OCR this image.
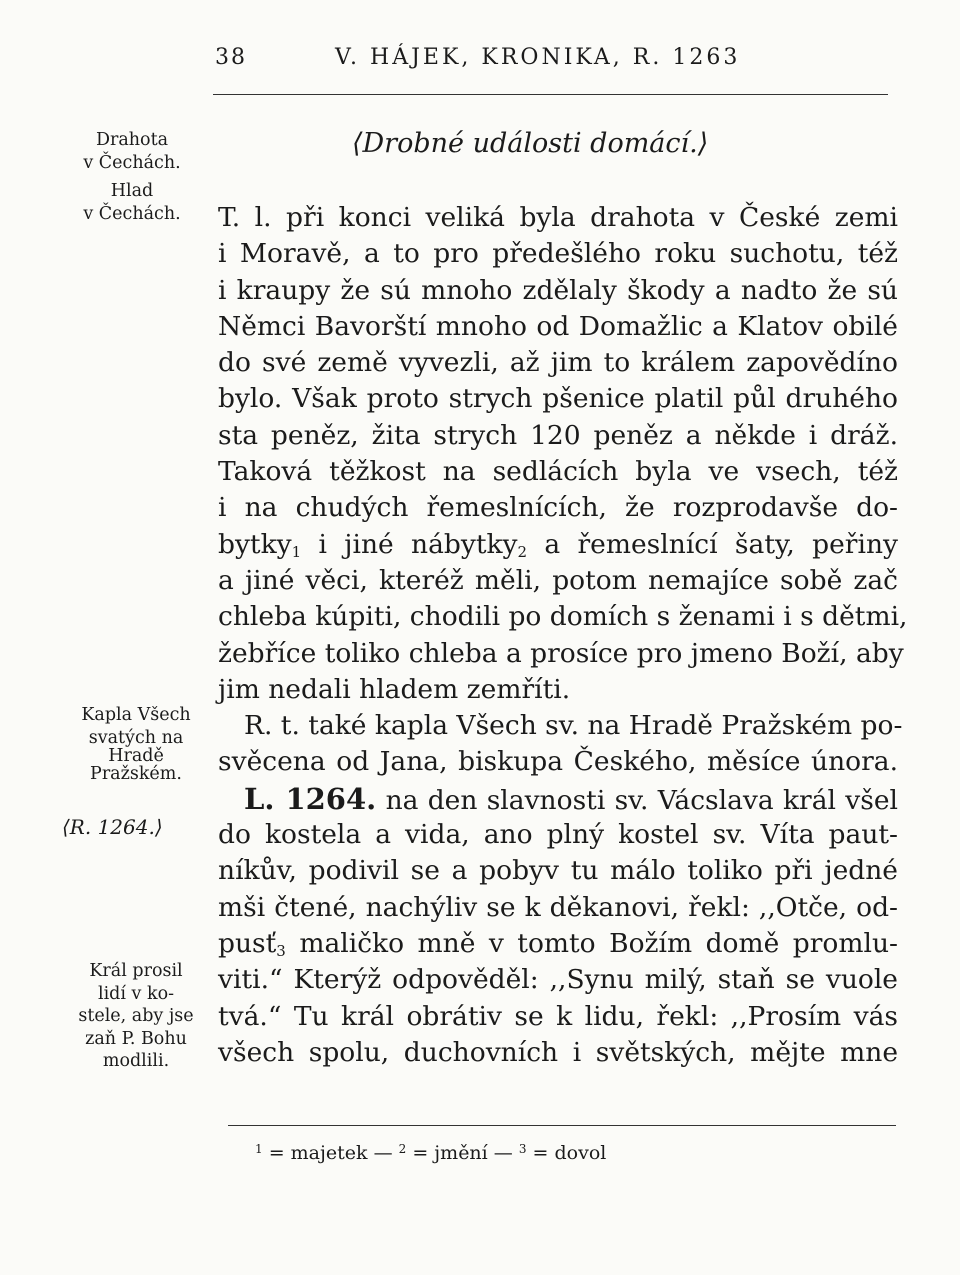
38	V. HÁJEK, KRONIKA, R. 1263
⟨Drobné události domácí.⟩
Drahota
v Čechách.
Hlad
v Čechách.
Kapla Všech
svatých na
Hradě
Pražském.
⟨R. 1264.⟩
Král prosil
lidí v ko-
stele, aby jse
zaň P. Bohu
modlili.
T. l. při konci veliká byla drahota v České zemi
i Moravě, a to pro předešlého roku suchotu, též
i kraupy že sú mnoho zdělaly škody a nadto že sú
Němci Bavorští mnoho od Domažlic a Klatov obilé
do své země vyvezli, až jim to králem zapovědíno
bylo. Však proto strych pšenice platil půl druhého
sta peněz, žita strych 120 peněz a někde i dráž.
Taková těžkost na sedlácích byla ve vsech, též
i na chudých řemeslnících, že rozprodavše do-
bytky$_1$ i jiné nábytky$_2$ a řemeslnící šaty, peřiny
a jiné věci, kteréž měli, potom nemajíce sobě zač
chleba kúpiti, chodili po domích s ženami i s dětmi,
žebříce toliko chleba a prosíce pro jmeno Boží, aby
jim nedali hladem zemříti.
R. t. také kapla Všech sv. na Hradě Pražském po-
svěcena od Jana, biskupa Českého, měsíce února.
L. 1264. na den slavnosti sv. Vácslava král všel
do kostela a vida, ano plný kostel sv. Víta paut-
níkův, podivil se a pobyv tu málo toliko při jedné
mši čtené, nachýliv se k děkanovi, řekl: ,,Otče, od-
pusť$_3$ maličko mně v tomto Božím domě promlu-
viti.“ Kterýž odpověděl: ,,Synu milý, staň se vuole
tvá.“ Tu král obrátiv se k lidu, řekl: ,,Prosím vás
všech spolu, duchovních i světských, mějte mne
$^1$ = majetek — $^2$ = jmění — $^3$ = dovol
